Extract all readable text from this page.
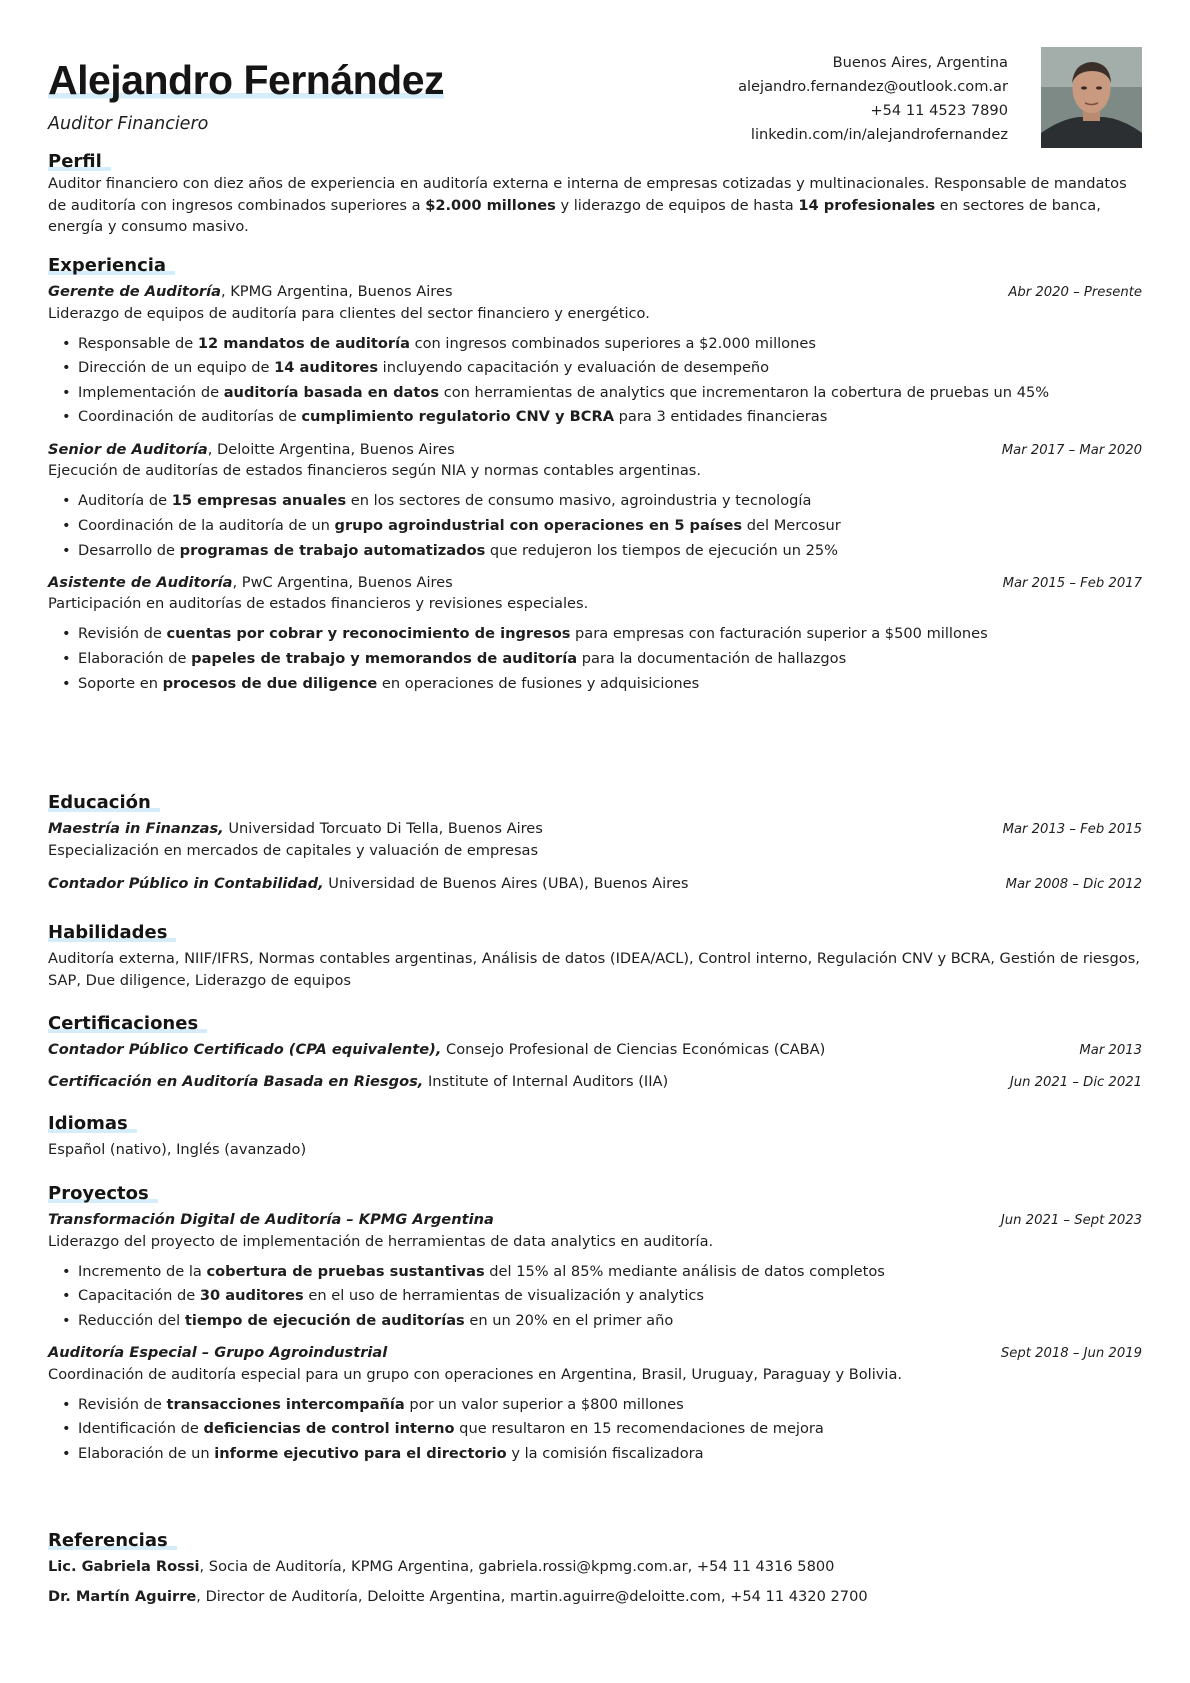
Alejandro Fernández
Auditor Financiero
Buenos Aires, Argentina
alejandro.fernandez@outlook.com.ar
+54 11 4523 7890
linkedin.com/in/alejandrofernandez
Perfil

Auditor financiero con diez años de experiencia en auditoría externa e interna de empresas cotizadas y multinacionales. Responsable de mandatos de auditoría con ingresos combinados superiores a $2.000 millones y liderazgo de equipos de hasta 14 profesionales en sectores de banca, energía y consumo masivo.

Experiencia
Gerente de Auditoría, KPMG Argentina, Buenos Aires	Abr 2020 – Presente

Liderazgo de equipos de auditoría para clientes del sector financiero y energético.

• Responsable de 12 mandatos de auditoría con ingresos combinados superiores a $2.000 millones
• Dirección de un equipo de 14 auditores incluyendo capacitación y evaluación de desempeño
• Implementación de auditoría basada en datos con herramientas de analytics que incrementaron la cobertura de pruebas un 45%
• Coordinación de auditorías de cumplimiento regulatorio CNV y BCRA para 3 entidades financieras
Senior de Auditoría, Deloitte Argentina, Buenos Aires	Mar 2017 – Mar 2020

Ejecución de auditorías de estados financieros según NIA y normas contables argentinas.

• Auditoría de 15 empresas anuales en los sectores de consumo masivo, agroindustria y tecnología
• Coordinación de la auditoría de un grupo agroindustrial con operaciones en 5 países del Mercosur
• Desarrollo de programas de trabajo automatizados que redujeron los tiempos de ejecución un 25%
Asistente de Auditoría, PwC Argentina, Buenos Aires	Mar 2015 – Feb 2017

Participación en auditorías de estados financieros y revisiones especiales.

• Revisión de cuentas por cobrar y reconocimiento de ingresos para empresas con facturación superior a $500 millones
• Elaboración de papeles de trabajo y memorandos de auditoría para la documentación de hallazgos
• Soporte en procesos de due diligence en operaciones de fusiones y adquisiciones
Educación
Maestría in Finanzas, Universidad Torcuato Di Tella, Buenos Aires	Mar 2013 – Feb 2015

Especialización en mercados de capitales y valuación de empresas

Contador Público in Contabilidad, Universidad de Buenos Aires (UBA), Buenos Aires	Mar 2008 – Dic 2012
Habilidades

Auditoría externa, NIIF/IFRS, Normas contables argentinas, Análisis de datos (IDEA/ACL), Control interno, Regulación CNV y BCRA, Gestión de riesgos, SAP, Due diligence, Liderazgo de equipos

Certificaciones
Contador Público Certificado (CPA equivalente), Consejo Profesional de Ciencias Económicas (CABA)	Mar 2013
Certificación en Auditoría Basada en Riesgos, Institute of Internal Auditors (IIA)	Jun 2021 – Dic 2021
Idiomas

Español (nativo), Inglés (avanzado)

Proyectos
Transformación Digital de Auditoría – KPMG Argentina	Jun 2021 – Sept 2023

Liderazgo del proyecto de implementación de herramientas de data analytics en auditoría.

• Incremento de la cobertura de pruebas sustantivas del 15% al 85% mediante análisis de datos completos
• Capacitación de 30 auditores en el uso de herramientas de visualización y analytics
• Reducción del tiempo de ejecución de auditorías en un 20% en el primer año
Auditoría Especial – Grupo Agroindustrial	Sept 2018 – Jun 2019

Coordinación de auditoría especial para un grupo con operaciones en Argentina, Brasil, Uruguay, Paraguay y Bolivia.

• Revisión de transacciones intercompañía por un valor superior a $800 millones
• Identificación de deficiencias de control interno que resultaron en 15 recomendaciones de mejora
• Elaboración de un informe ejecutivo para el directorio y la comisión fiscalizadora
Referencias

Lic. Gabriela Rossi, Socia de Auditoría, KPMG Argentina, gabriela.rossi@kpmg.com.ar, +54 11 4316 5800

Dr. Martín Aguirre, Director de Auditoría, Deloitte Argentina, martin.aguirre@deloitte.com, +54 11 4320 2700
